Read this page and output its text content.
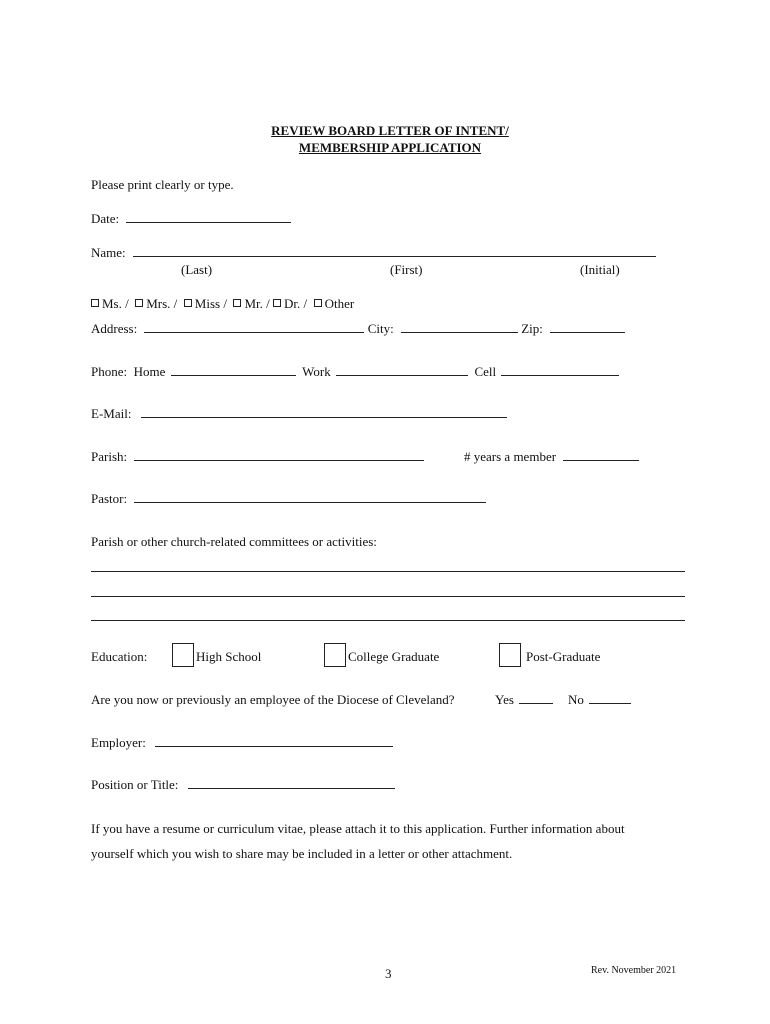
REVIEW BOARD LETTER OF INTENT/
MEMBERSHIP APPLICATION
Please print clearly or type.
Date:
Name:
(Last)	(First)	(Initial)
Ms. / Mrs. / Miss / Mr. / Dr. / Other
Address:	City:	Zip:
Phone: Home	Work	Cell
E-Mail:
Parish:	# years a member
Pastor:
Parish or other church-related committees or activities:
Education:	High School	College Graduate	Post-Graduate
Are you now or previously an employee of the Diocese of Cleveland?	Yes	No
Employer:
Position or Title:
If you have a resume or curriculum vitae, please attach it to this application. Further information about
yourself which you wish to share may be included in a letter or other attachment.
3	Rev. November 2021
